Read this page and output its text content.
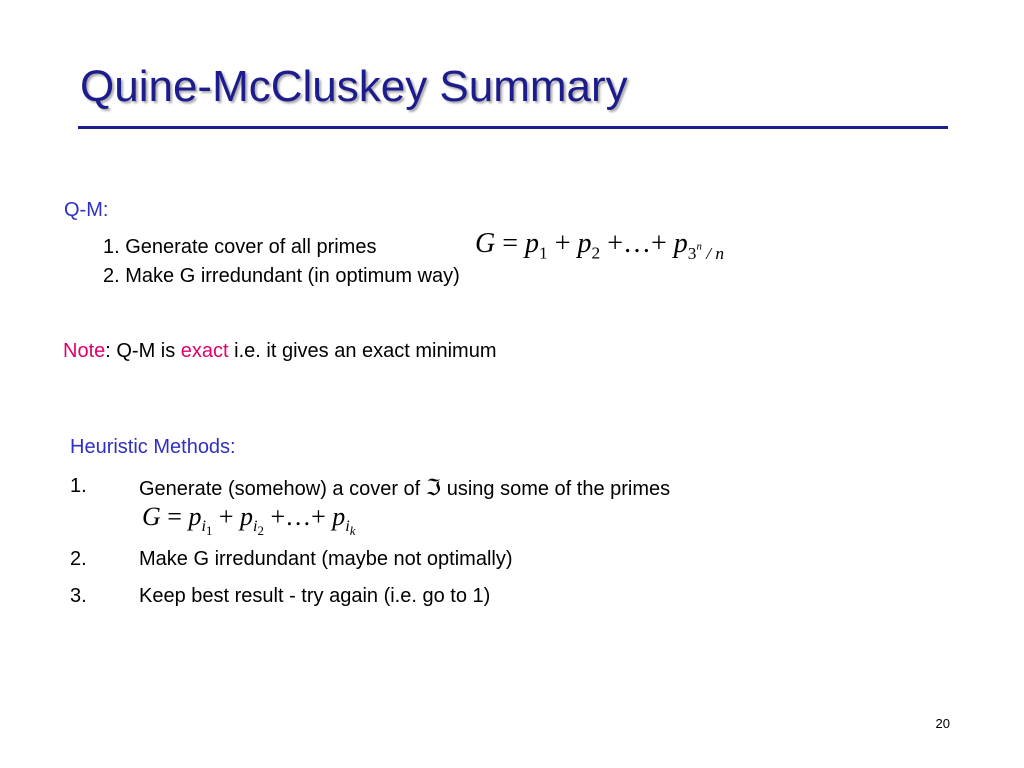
Quine-McCluskey Summary
Q-M:
1. Generate cover of all primes
2. Make G irredundant (in optimum way)
$G = p_1 + p_2$ +…+ $p_{3^n / n}$
Note: Q-M is exact i.e. it gives an exact minimum
Heuristic Methods:
1.	Generate (somehow) a cover of ℑ using some of the primes
$G = p_{i_1} + p_{i_2}$ +…+ $p_{i_k}$
2.	Make G irredundant (maybe not optimally)
3.	Keep best result - try again (i.e. go to 1)
20
